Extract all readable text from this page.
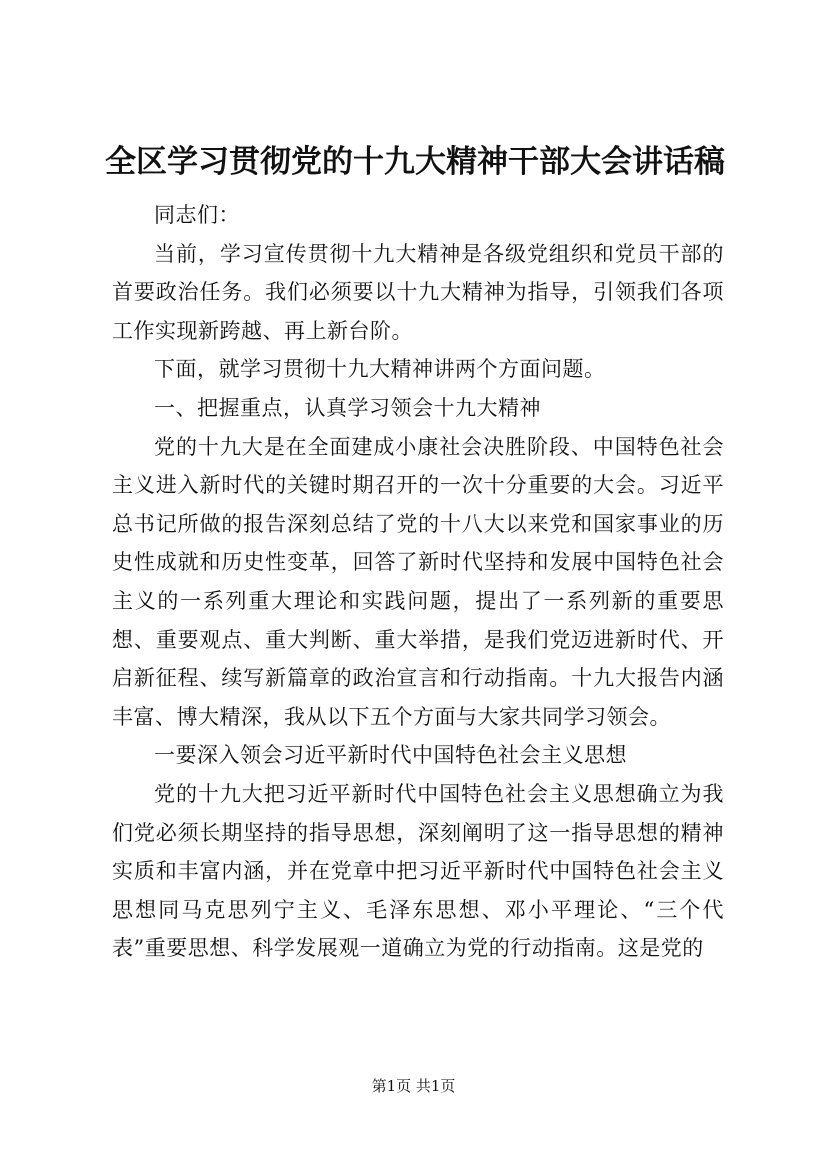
全区学习贯彻党的十九大精神干部大会讲话稿

同志们：

当前，学习宣传贯彻十九大精神是各级党组织和党员干部的首要政治任务。我们必须要以十九大精神为指导，引领我们各项工作实现新跨越、再上新台阶。

下面，就学习贯彻十九大精神讲两个方面问题。

一、把握重点，认真学习领会十九大精神

党的十九大是在全面建成小康社会决胜阶段、中国特色社会主义进入新时代的关键时期召开的一次十分重要的大会。习近平总书记所做的报告深刻总结了党的十八大以来党和国家事业的历史性成就和历史性变革，回答了新时代坚持和发展中国特色社会主义的一系列重大理论和实践问题，提出了一系列新的重要思想、重要观点、重大判断、重大举措，是我们党迈进新时代、开启新征程、续写新篇章的政治宣言和行动指南。十九大报告内涵丰富、博大精深，我从以下五个方面与大家共同学习领会。

一要深入领会习近平新时代中国特色社会主义思想

党的十九大把习近平新时代中国特色社会主义思想确立为我们党必须长期坚持的指导思想，深刻阐明了这一指导思想的精神实质和丰富内涵，并在党章中把习近平新时代中国特色社会主义思想同马克思列宁主义、毛泽东思想、邓小平理论、“三个代表”重要思想、科学发展观一道确立为党的行动指南。这是党的

第1页 共1页
